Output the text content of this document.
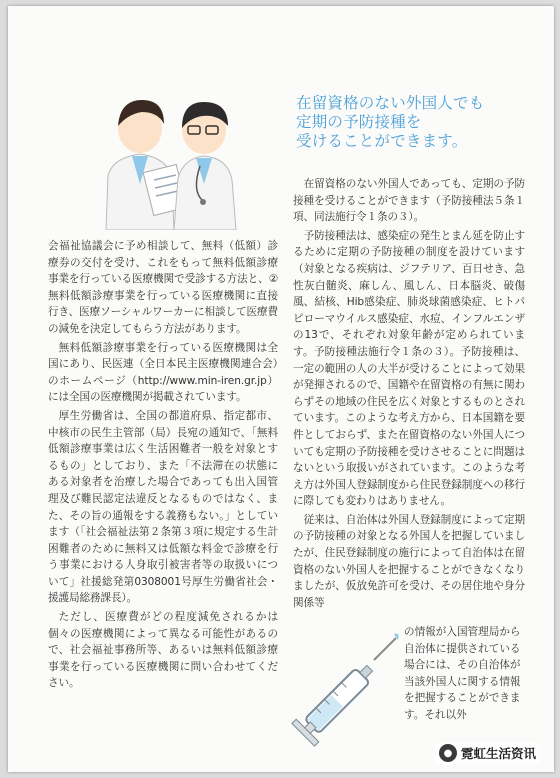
在留資格のない外国人でも
定期の予防接種を
受けることができます。

会福祉協議会に予め相談して、無料（低額）診療券の交付を受け、これをもって無料低額診療事業を行っている医療機関で受診する方法と、②無料低額診療事業を行っている医療機関に直接行き、医療ソーシャルワーカーに相談して医療費の減免を決定してもらう方法があります。

無料低額診療事業を行っている医療機関は全国にあり、民医連（全日本民主医療機関連合会）のホームページ（http://www.min-iren.gr.jp）には全国の医療機関が掲載されています。

厚生労働省は、全国の都道府県、指定都市、中核市の民生主管部（局）長宛の通知で、「無料低額診療事業は広く生活困難者一般を対象とするもの」としており、また「不法滞在の状態にある対象者を治療した場合であっても出入国管理及び難民認定法違反となるものではなく、また、その旨の通報をする義務もない。」としています（「社会福祉法第２条第３項に規定する生計困難者のために無料又は低額な料金で診療を行う事業における人身取引被害者等の取扱いについて」社援総発第0308001号厚生労働省社会・援護局総務課長）。

ただし、医療費がどの程度減免されるかは個々の医療機関によって異なる可能性があるので、社会福祉事務所等、あるいは無料低額診療事業を行っている医療機関に問い合わせてください。

在留資格のない外国人であっても、定期の予防接種を受けることができます（予防接種法５条１項、同法施行令１条の３）。

予防接種法は、感染症の発生とまん延を防止するために定期の予防接種の制度を設けています（対象となる疾病は、ジフテリア、百日せき、急性灰白髄炎、麻しん、風しん、日本脳炎、破傷風、結核、Hib感染症、肺炎球菌感染症、ヒトパピローマウイルス感染症、水痘、インフルエンザの13で、それぞれ対象年齢が定められています。予防接種法施行令１条の３）。予防接種は、一定の範囲の人の大半が受けることによって効果が発揮されるので、国籍や在留資格の有無に関わらずその地域の住民を広く対象とするものとされています。このような考え方から、日本国籍を要件としておらず、また在留資格のない外国人についても定期の予防接種を受けさせることに問題はないという取扱いがされています。このような考え方は外国人登録制度から住民登録制度への移行に際しても変わりはありません。

従来は、自治体は外国人登録制度によって定期の予防接種の対象となる外国人を把握していましたが、住民登録制度の施行によって自治体は在留資格のない外国人を把握することができなくなりましたが、仮放免許可を受け、その居住地や身分関係等

の情報が入国管理局から自治体に提供されている場合には、その自治体が当該外国人に関する情報を把握することができます。それ以外
● 霓虹生活资讯
